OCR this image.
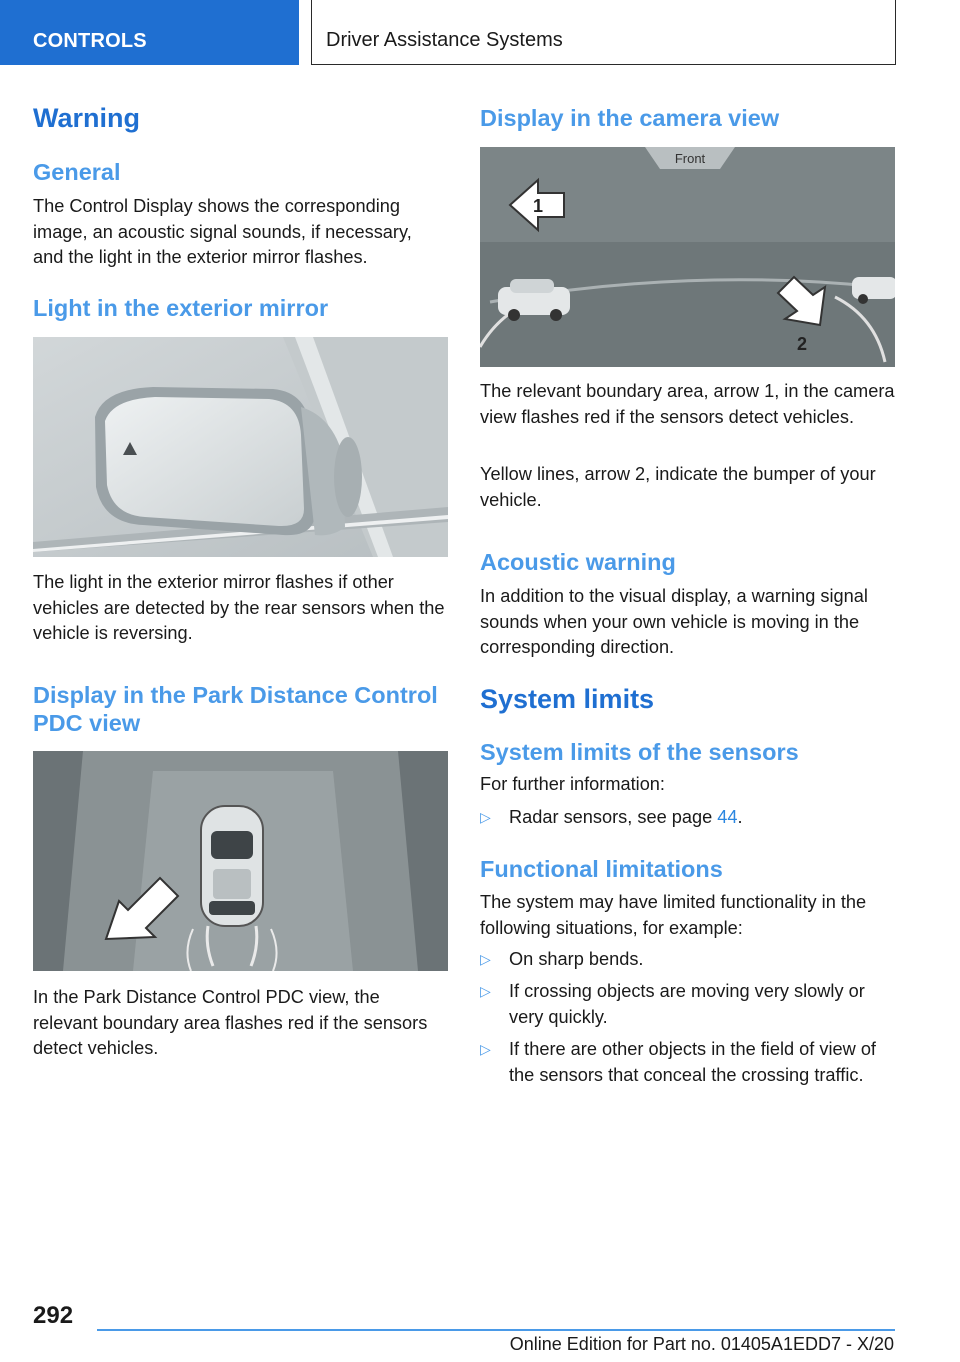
CONTROLS	Driver Assistance Systems
Warning
General
The Control Display shows the corresponding image, an acoustic signal sounds, if necessary, and the light in the exterior mirror flashes.
Light in the exterior mirror
The light in the exterior mirror flashes if other vehicles are detected by the rear sensors when the vehicle is reversing.
Display in the Park Distance Control PDC view
In the Park Distance Control PDC view, the relevant boundary area flashes red if the sensors detect vehicles.
Display in the camera view
Front
1
2
The relevant boundary area, arrow 1, in the camera view flashes red if the sensors detect vehicles.
Yellow lines, arrow 2, indicate the bumper of your vehicle.
Acoustic warning
In addition to the visual display, a warning signal sounds when your own vehicle is moving in the corresponding direction.
System limits
System limits of the sensors
For further information:
▷	Radar sensors, see page 44.
Functional limitations
The system may have limited functionality in the following situations, for example:
▷	On sharp bends.
▷	If crossing objects are moving very slowly or very quickly.
▷	If there are other objects in the field of view of the sensors that conceal the crossing traffic.
292
Online Edition for Part no. 01405A1EDD7 - X/20
